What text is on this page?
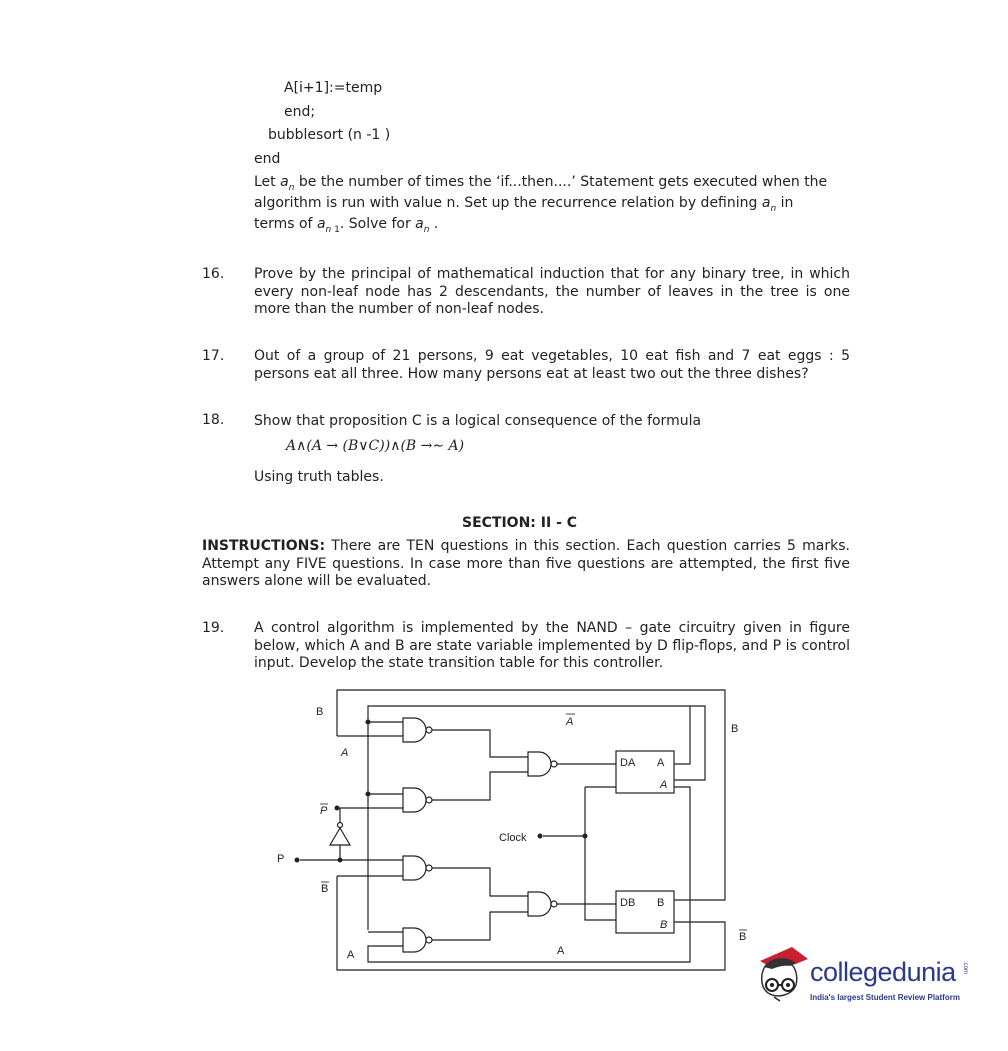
A[i+1]:=temp
end;
bubblesort (n -1 )
end
Let $a_n$ be the number of times the ‘if...then....’ Statement gets executed when the
algorithm is run with value n. Set up the recurrence relation by defining $a_n$ in
terms of $a_{n 1}$. Solve for $a_n$ .
16. Prove by the principal of mathematical induction that for any binary tree, in which every non-leaf node has 2 descendants, the number of leaves in the tree is one more than the number of non-leaf nodes.
17. Out of a group of 21 persons, 9 eat vegetables, 10 eat fish and 7 eat eggs : 5 persons eat all three. How many persons eat at least two out the three dishes?
18. Show that proposition C is a logical consequence of the formula
A∧(A → (B∨C))∧(B →∼ A)
Using truth tables.
SECTION: II - C
INSTRUCTIONS: There are TEN questions in this section. Each question carries 5 marks. Attempt any FIVE questions. In case more than five questions are attempted, the first five answers alone will be evaluated.
19. A control algorithm is implemented by the NAND – gate circuitry given in figure below, which A and B are state variable implemented by D flip-flops, and P is control input. Develop the state transition table for this controller.
B
A
P
P
B
A
Clock
DA
DB
A
A
B
B
B
B
A
A
collegedunia .com
India's largest Student Review Platform
